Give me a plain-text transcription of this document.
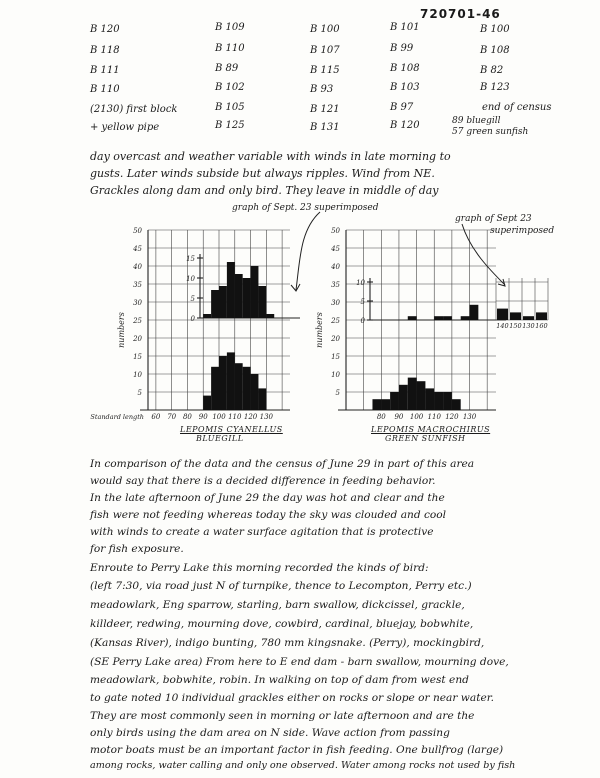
720701-46
B 120	B 109	B 100	B 101	B 100
B 118	B 110	B 107	B 99	B 108
B 111	B 89	B 115	B 108	B 82
B 110	B 102	B 93	B 103	B 123
(2130) first block	B 105	B 121	B 97	end of census
+ yellow pipe	B 125	B 131	B 120	89 bluegill
57 green sunfish
day overcast and weather variable with winds in late morning to
gusts. Later winds subside but always ripples. Wind from NE.
Grackles along dam and only bird. They leave in middle of day
graph of Sept. 23 superimposed
graph of Sept 23
superimposed
5
10
15
20
25
30
35
40
45
50
60 70 80 90 100 110 120 130
numbers
Standard length
0
5
10
15
5
10
15
20
25
30
35
40
45
50
80 90 100 110 120 130
numbers	0
5
10
140 150 130 160
LEPOMIS CYANELLUS
BLUEGILL
LEPOMIS MACROCHIRUS
GREEN SUNFISH
In comparison of the data and the census of June 29 in part of this area
would say that there is a decided difference in feeding behavior.
In the late afternoon of June 29 the day was hot and clear and the
fish were not feeding whereas today the sky was clouded and cool
with winds to create a water surface agitation that is protective
for fish exposure.
Enroute to Perry Lake this morning recorded the kinds of bird:
(left 7:30, via road just N of turnpike, thence to Lecompton, Perry etc.)
meadowlark, Eng sparrow, starling, barn swallow, dickcissel, grackle,
killdeer, redwing, mourning dove, cowbird, cardinal, bluejay, bobwhite,
(Kansas River), indigo bunting, 780 mm kingsnake. (Perry), mockingbird,
(SE Perry Lake area) From here to E end dam - barn swallow, mourning dove,
meadowlark, bobwhite, robin. In walking on top of dam from west end
to gate noted 10 individual grackles either on rocks or slope or near water.
They are most commonly seen in morning or late afternoon and are the
only birds using the dam area on N side. Wave action from passing
motor boats must be an important factor in fish feeding. One bullfrog (large)
among rocks, water calling and only one observed. Water among rocks not used by fish
